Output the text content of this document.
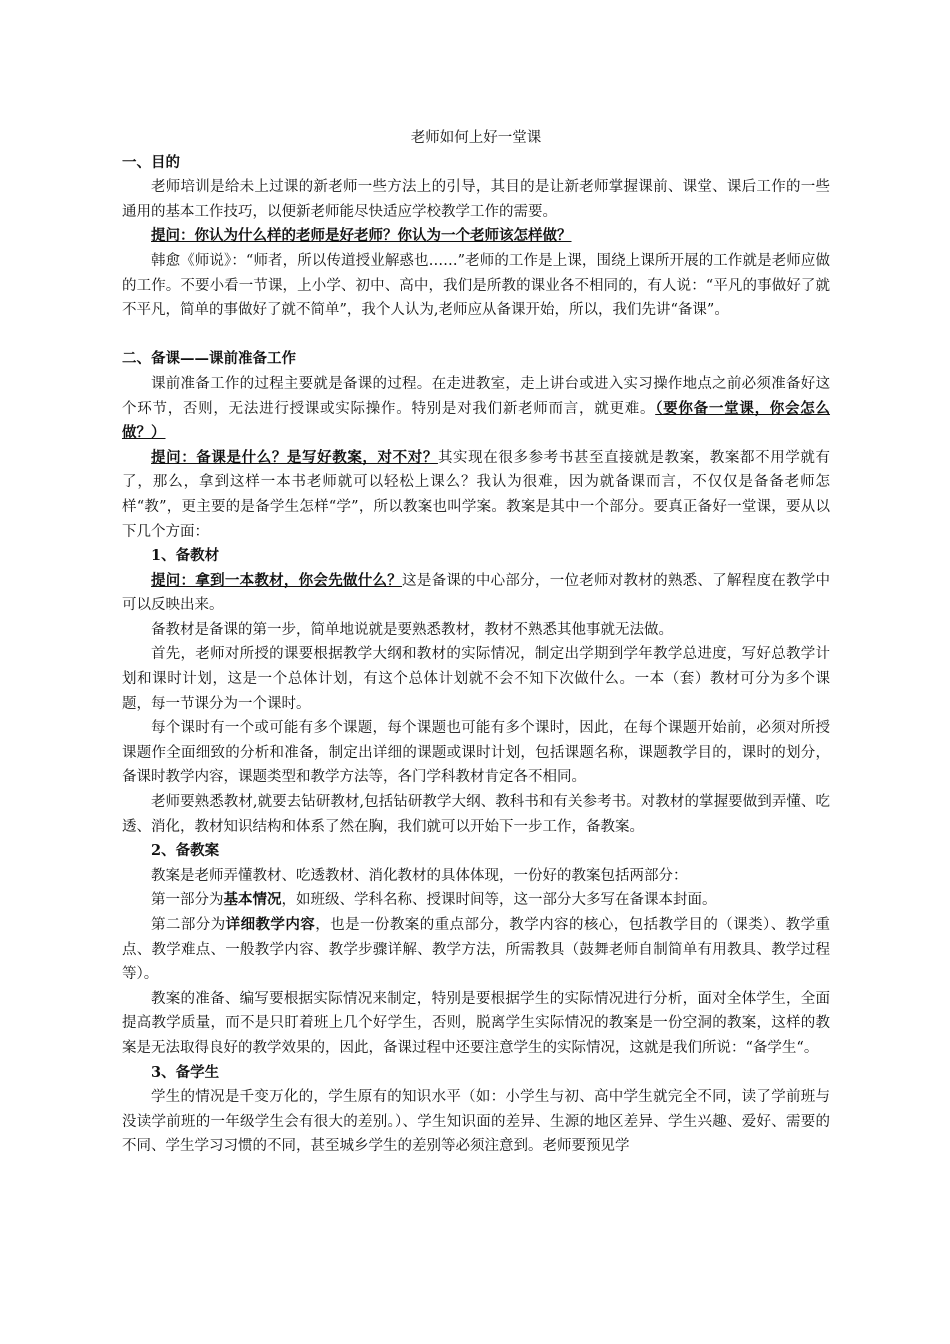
老师如何上好一堂课

一、目的

老师培训是给未上过课的新老师一些方法上的引导，其目的是让新老师掌握课前、课堂、课后工作的一些通用的基本工作技巧，以便新老师能尽快适应学校教学工作的需要。

提问：你认为什么样的老师是好老师？你认为一个老师该怎样做？

韩愈《师说》：“师者，所以传道授业解惑也……”老师的工作是上课，围绕上课所开展的工作就是老师应做的工作。不要小看一节课，上小学、初中、高中，我们是所教的课业各不相同的，有人说：“平凡的事做好了就不平凡，简单的事做好了就不简单”，我个人认为,老师应从备课开始，所以，我们先讲“备课”。

二、备课——课前准备工作

课前准备工作的过程主要就是备课的过程。在走进教室，走上讲台或进入实习操作地点之前必须准备好这个环节，否则，无法进行授课或实际操作。特别是对我们新老师而言，就更难。（要你备一堂课，你会怎么做？）

提问：备课是什么？是写好教案，对不对？其实现在很多参考书甚至直接就是教案，教案都不用学就有了，那么，拿到这样一本书老师就可以轻松上课么？我认为很难，因为就备课而言，不仅仅是备备老师怎样“教”，更主要的是备学生怎样“学”，所以教案也叫学案。教案是其中一个部分。要真正备好一堂课，要从以下几个方面：

1、备教材

提问：拿到一本教材，你会先做什么？这是备课的中心部分，一位老师对教材的熟悉、了解程度在教学中可以反映出来。

备教材是备课的第一步，简单地说就是要熟悉教材，教材不熟悉其他事就无法做。

首先，老师对所授的课要根据教学大纲和教材的实际情况，制定出学期到学年教学总进度，写好总教学计划和课时计划，这是一个总体计划，有这个总体计划就不会不知下次做什么。一本（套）教材可分为多个课题，每一节课分为一个课时。

每个课时有一个或可能有多个课题，每个课题也可能有多个课时，因此，在每个课题开始前，必须对所授课题作全面细致的分析和准备，制定出详细的课题或课时计划，包括课题名称，课题教学目的，课时的划分，备课时教学内容，课题类型和教学方法等，各门学科教材肯定各不相同。

老师要熟悉教材,就要去钻研教材,包括钻研教学大纲、教科书和有关参考书。对教材的掌握要做到弄懂、吃透、消化，教材知识结构和体系了然在胸，我们就可以开始下一步工作，备教案。

2、备教案

教案是老师弄懂教材、吃透教材、消化教材的具体体现，一份好的教案包括两部分：

第一部分为基本情况，如班级、学科名称、授课时间等，这一部分大多写在备课本封面。

第二部分为详细教学内容，也是一份教案的重点部分，教学内容的核心，包括教学目的（课类）、教学重点、教学难点、一般教学内容、教学步骤详解、教学方法，所需教具（鼓舞老师自制简单有用教具、教学过程等）。

教案的准备、编写要根据实际情况来制定，特别是要根据学生的实际情况进行分析，面对全体学生，全面提高教学质量，而不是只盯着班上几个好学生，否则，脱离学生实际情况的教案是一份空洞的教案，这样的教案是无法取得良好的教学效果的，因此，备课过程中还要注意学生的实际情况，这就是我们所说：“备学生“。

3、备学生

学生的情况是千变万化的，学生原有的知识水平（如：小学生与初、高中学生就完全不同，读了学前班与没读学前班的一年级学生会有很大的差别。）、学生知识面的差异、生源的地区差异、学生兴趣、爱好、需要的不同、学生学习习惯的不同，甚至城乡学生的差别等必须注意到。老师要预见学
